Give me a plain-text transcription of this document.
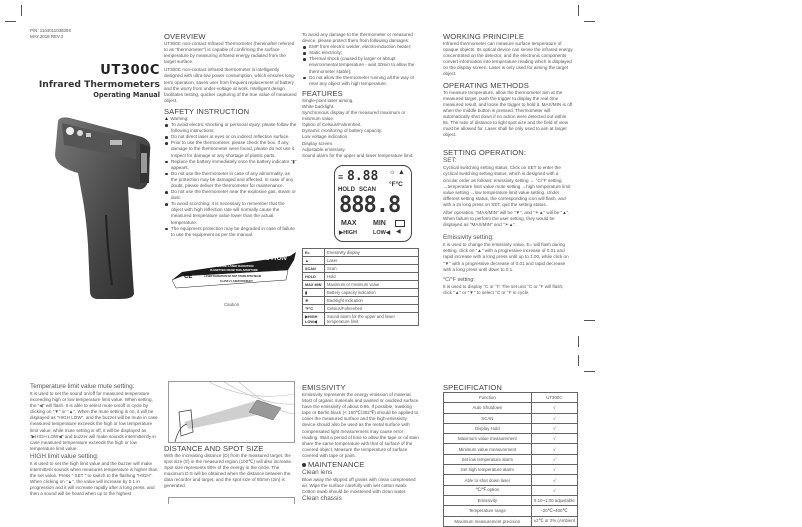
P/N: 110401103839X
MAY.2018 REV.3
UT300C
Infrared Thermometers
Operating Manual
OVERVIEW
UT300C non-contact Infrared Thermometer (hereinafter referred to as "thermometer") is capable of confirming the surface temperature by measuring infrared energy radiated from the target surface.
UT300C non-contact infrared thermometer is intelligently designed with ultra-low power consumption, which ensures long-term operation, saves user from frequent replacement of battery and the worry from under-voltage at work. Intelligent design facilitates testing, quicker capturing of the true value of measured object.
SAFETY INSTRUCTION
▲ Warning:
To avoid electric shocking or personal injury, please follow the following instructions:
Do not direct laser at eyes or on indirect reflection surface.
Prior to use the thermometer, please check the box. If any damage to the thermometer were found, please do not use it. Inspect for damage or any shortage of plastic parts.
Replace the battery immediately once the battery indicator "▮" appears.
Do not use the thermometer in case of any abnormality, as the protection may be damaged and affected. In case of any doubt, please deliver the thermometer for maintenance.
Do not use the thermometer near the explosive gas, steam or dust.
To avoid scorching, it is necessary to remember that the object with high reflection rate will normally cause the measured temperature value lower than the actual temperature.
The equipment protection may be degraded in case of failure to use the equipment as per the manual.
CAUTION
AVOID EXPOSURE-LASER RADIATION
IS EMITTED FROM THIS APERTURE
▲
CE	LASER RADIATION DO NOT STARE INTO BEAM
CLASS 2 LASER PRODUCT
Caution
To avoid any damage to the thermometer or measured device, please protect them from following damages:
EMF from electric welder, electro-induction heater;
Static electricity;
Thermal shock (caused by larger or abrupt environmental temperature - wait 30min to allow the thermometer stable);
Do not allow the thermometer running all the way or near any object with high temperature.
FEATURES
Single-point laser aiming.
White backlight.
Synchronous display of the measured maximum or minimum value.
Option of Celsius/Fahrenheit.
Dynamic monitoring of battery capacity.
Low voltage indication.
Display screen.
Adjustable emissivity.
Sound alarm for the upper and lower temperature limit.
≡ 8.88 ☼ ▲
HOLD SCAN
°F°C
888.8
MAX MIN
▶HIGH	LOW◀ ◀
E=	Emissivity display
▲	Laser
SCAN	Scan
HOLD	Hold
MAX MIN	Maximum or minimum value
▮	Battery capacity indication
☀	Backlight indication
°F°C	Celsius/Fahrenheit
▶HIGH LOW◀	Sound alarm for the upper and lower temperature limit
WORKING PRINCIPLE
Infrared thermometer can measure surface temperature of opaque objects. Its optical device can sense the infrared energy concentrated on the detector, and the electronic components convert information into temperature reading which is displayed on the display screen. Laser is only used for aiming the target object.
OPERATING METHODS
To measure temperature, allow the thermometer aim at the measured target, push the trigger to display the real time measured result, and loose the trigger to hold it. MAX/MIN is off when the middle button is pressed. Thermometer will automatically shut down if no action were detected out within 8s. The ratio of distance to light spot size and the field of view must be allowed for. Laser shall be only used to aim at target object.
SETTING OPERATION:
SET:
Cyclical switching setting status. Click on SET to enter the cyclical switching setting status, which is designed with a circular order as follows: emissivity setting → °C/°F setting →temperature limit value mute setting →high temperature limit value setting →low temperature limit value setting. Under different setting status, the corresponding icon will flash, and with a 2s long press on SET, quit the setting status.
After operation, "MAX/MIN" will be "▼", and "☀▲" will be "▲". When failure to perform the user setting, they would be displayed as "MAX/MIN" and "☀▲".
Emissivity setting:
It is used to change the emissivity value. E= will flash during setting, click on "▲" with a progressive increase of 0.01 and rapid increase with a long press until up to 1.00, while click on "▼" with a progressive decrease of 0.01 and rapid decrease with a long press until down to 0.1.
°C/°F setting:
It is used to display °C or °F. The set unit °C or °F will flash; click "▲" or "▼" to select °C or °F in cycle.
Temperature limit value mute setting:
It is used to set the sound on/off for measured temperature exceeding high or low temperature limit value. When setting, the "◀" will flash. It is able to select mute on/off in cycle by clicking on "▼" or "▲". When the mute setting is on, it will be displayed as "HIGH LOW", and the buzzer will be mute in case measured temperature exceeds the high or low temperature limit value; while mute setting is off, it will be displayed as "▶HIGH LOW◀" and buzzer will make sounds intermittently in case measured temperature exceeds the high or low temperature limit value.
HIGH limit value setting:
It is used to set the high limit value and the buzzer will make intermittent sounds when measures temperature is higher than the set value. Press " SET " to switch to the flashing "HIGH". When clicking on "▲", the value will increase by 0.1 in progression and it will increase rapidly after a long press, and then a sound will be heard when up to the highest
DISTANCE AND SPOT SIZE
With the increasing distance (D) from the measured target, the spot size (S) in the measured region (100℃) will also increase. Spot size represents 90% of the energy in the circle. The maximum D:S will be obtained when the distance between the data recorder and target, and the spot size of 50mm (2in) is generated.
EMISSIVITY
Emissivity represents the energy emission of material. Most of organic materials and painted or oxidized surface have the emissivity of about 0.95. If possible, masking tape or Berlin black (< 150℃/302℉) should be applied to cover the measured surface and the high-emissivity device should also be used as the metal surface with compensated light measurement may cause error reading. Wait a period of time to allow the tape or oil stain share the same temperature with that of surface of the covered object. Measure the temperature of surface covered with tape or paint.
MAINTENANCE
Clean lens
Blow away the slipped off grains with clean compressed air. Wipe the surface carefully with wet cotton swab. Cotton swab should be moistened with clean water.
Clean chassis
SPECIFICATION
Function	UT300C
Auto Shutdown	√
SCAN	√
Display Hold	√
Maximum value measurement	√
Minimum value measurement	√
Set low temperature alarm	√
Set high temperature alarm	√
Able to shut down laser	√
℃/℉ option	√
Emissivity	0.10~1.00 adjustable
Temperature range	-20℃~400℃
Maximum measurement precision	±2℃ or 2% (Ambient
